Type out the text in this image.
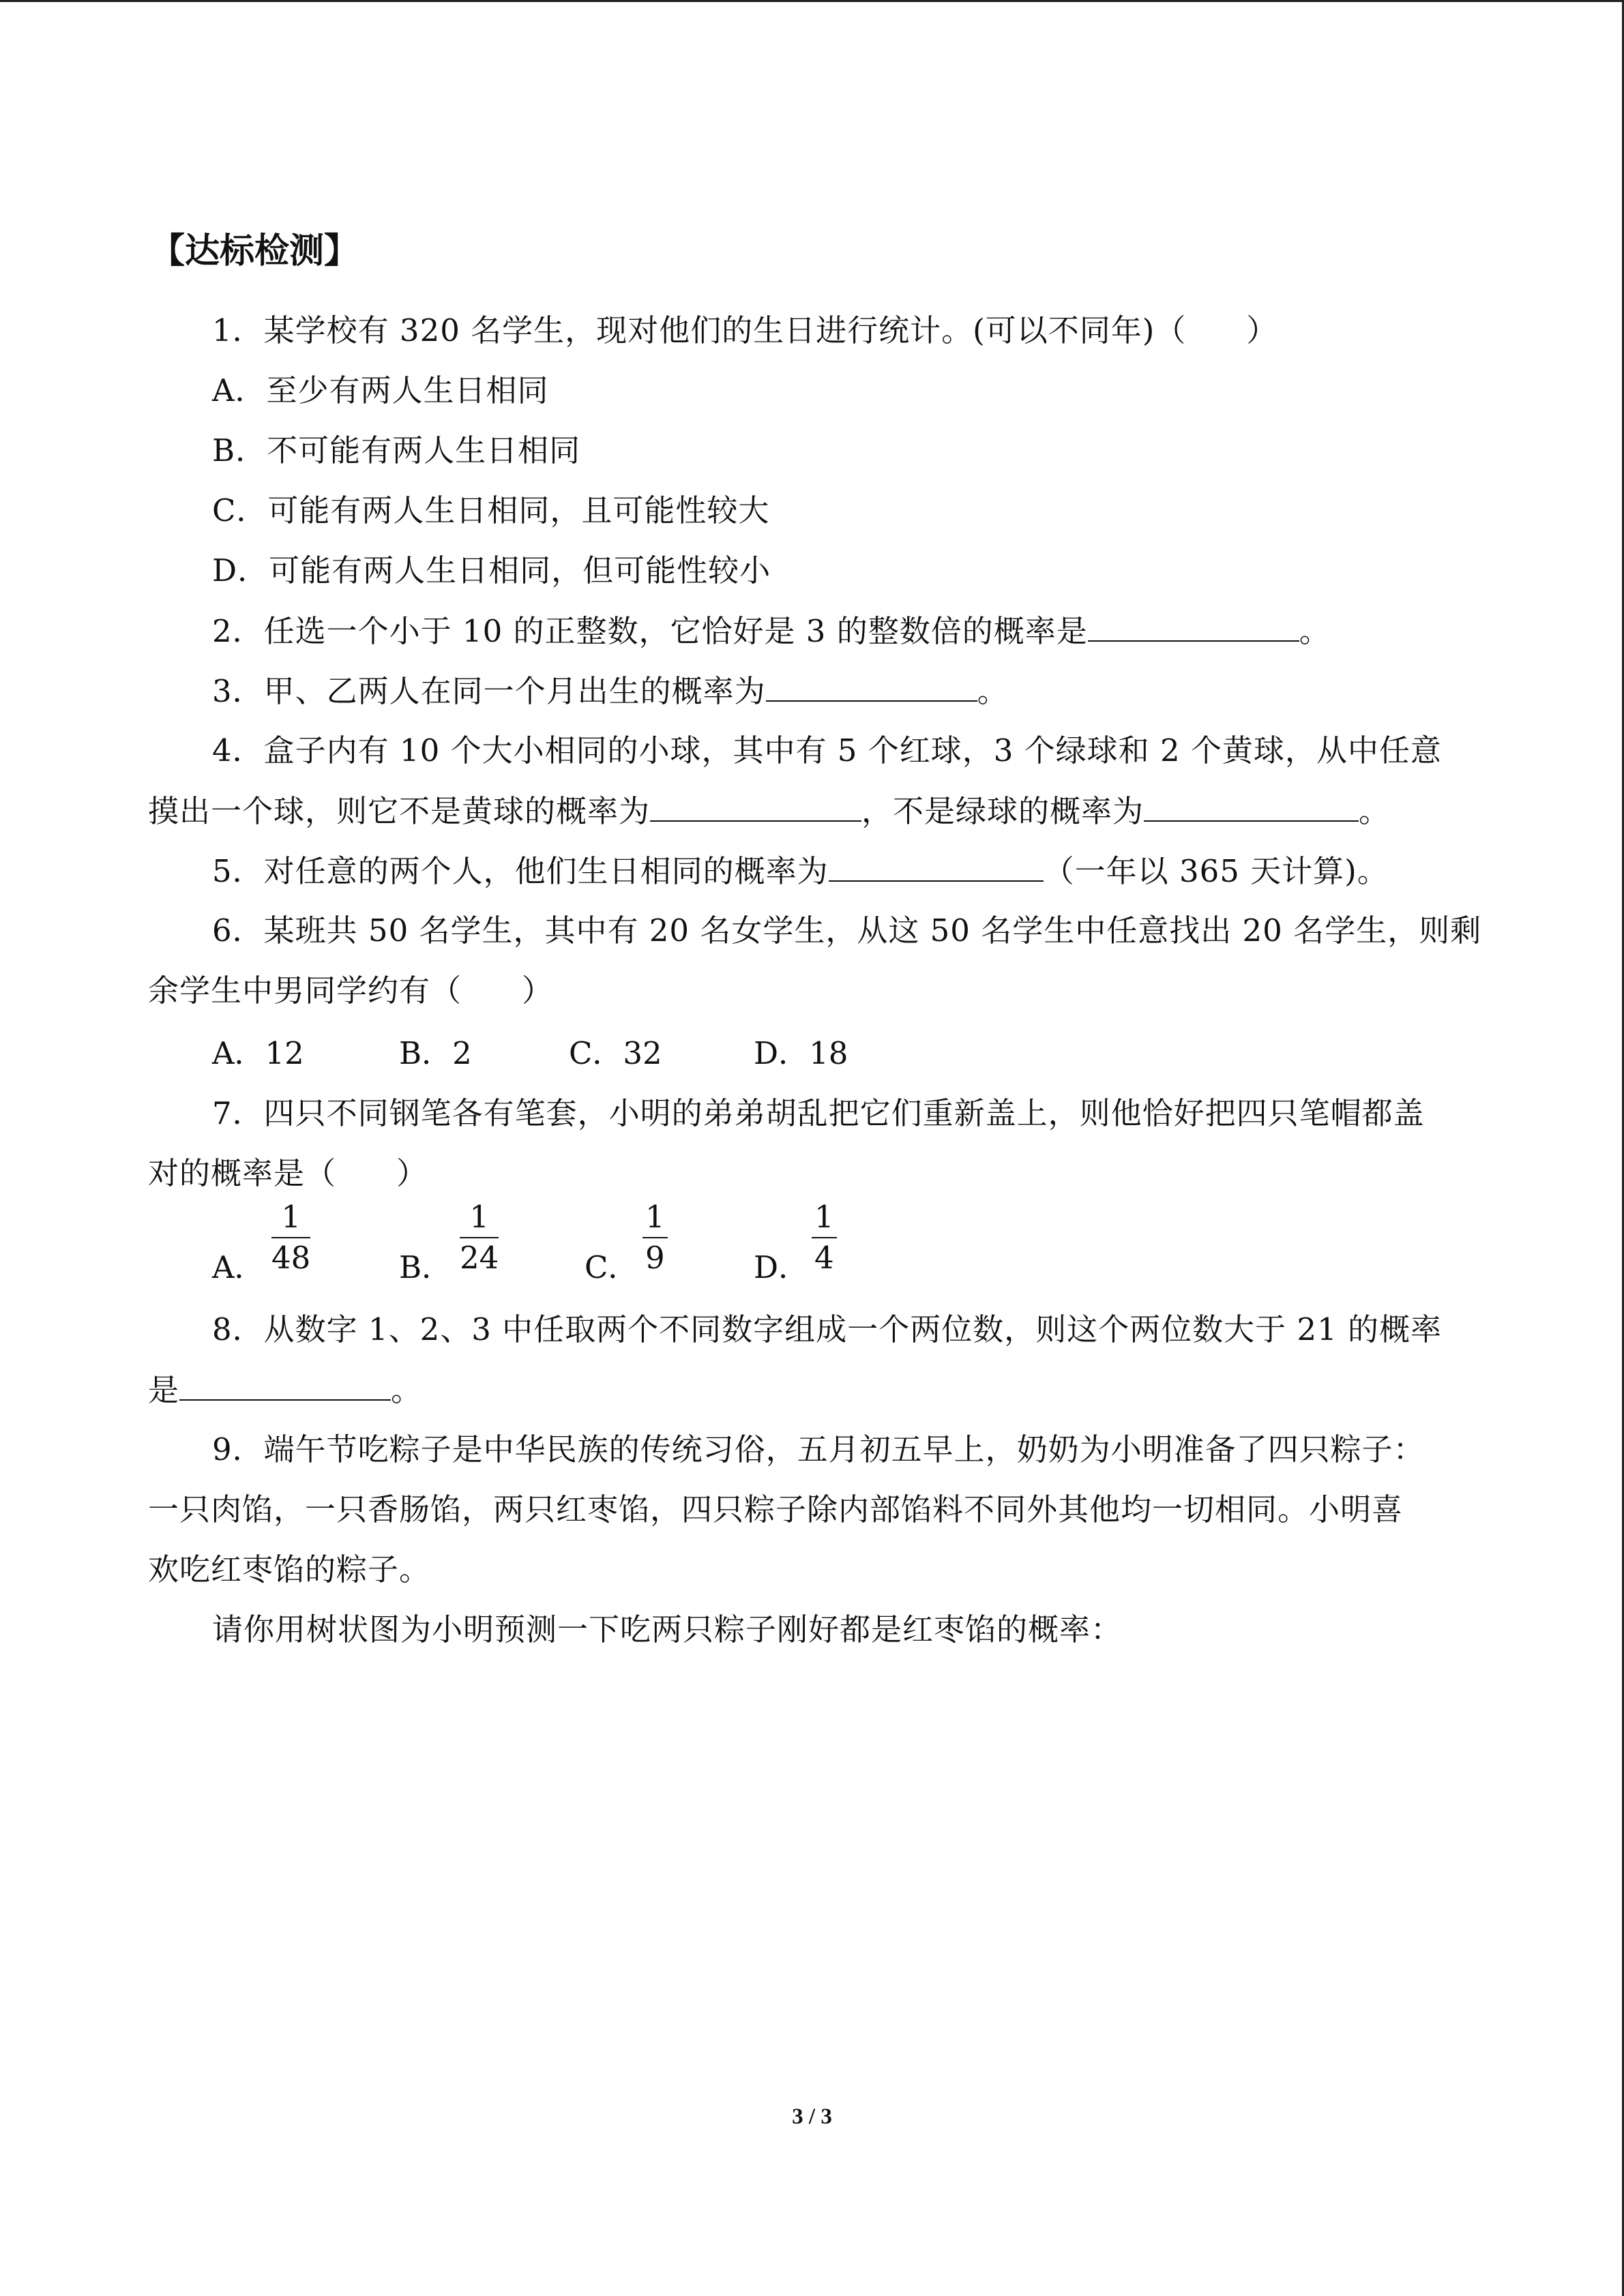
【达标检测】
1．某学校有 320 名学生，现对他们的生日进行统计。(可以不同年)（ ）
A．至少有两人生日相同
B．不可能有两人生日相同
C．可能有两人生日相同，且可能性较大
D．可能有两人生日相同，但可能性较小
2．任选一个小于 10 的正整数，它恰好是 3 的整数倍的概率是	。
3．甲、乙两人在同一个月出生的概率为	。
4．盒子内有 10 个大小相同的小球，其中有 5 个红球，3 个绿球和 2 个黄球，从中任意
摸出一个球，则它不是黄球的概率为	，不是绿球的概率为	。
5．对任意的两个人，他们生日相同的概率为	（一年以 365 天计算)。
6．某班共 50 名学生，其中有 20 名女学生，从这 50 名学生中任意找出 20 名学生，则剩
余学生中男同学约有（ ）
A．12	B．2	C．32	D．18
7．四只不同钢笔各有笔套，小明的弟弟胡乱把它们重新盖上，则他恰好把四只笔帽都盖
对的概率是（ ）
A． $\frac{1}{48}$	B． $\frac{1}{24}$	C． $\frac{1}{9}$	D． $\frac{1}{4}$
8．从数字 1、2、3 中任取两个不同数字组成一个两位数，则这个两位数大于 21 的概率
是	。
9．端午节吃粽子是中华民族的传统习俗，五月初五早上，奶奶为小明准备了四只粽子：
一只肉馅，一只香肠馅，两只红枣馅，四只粽子除内部馅料不同外其他均一切相同。小明喜
欢吃红枣馅的粽子。
请你用树状图为小明预测一下吃两只粽子刚好都是红枣馅的概率：
3 / 3
